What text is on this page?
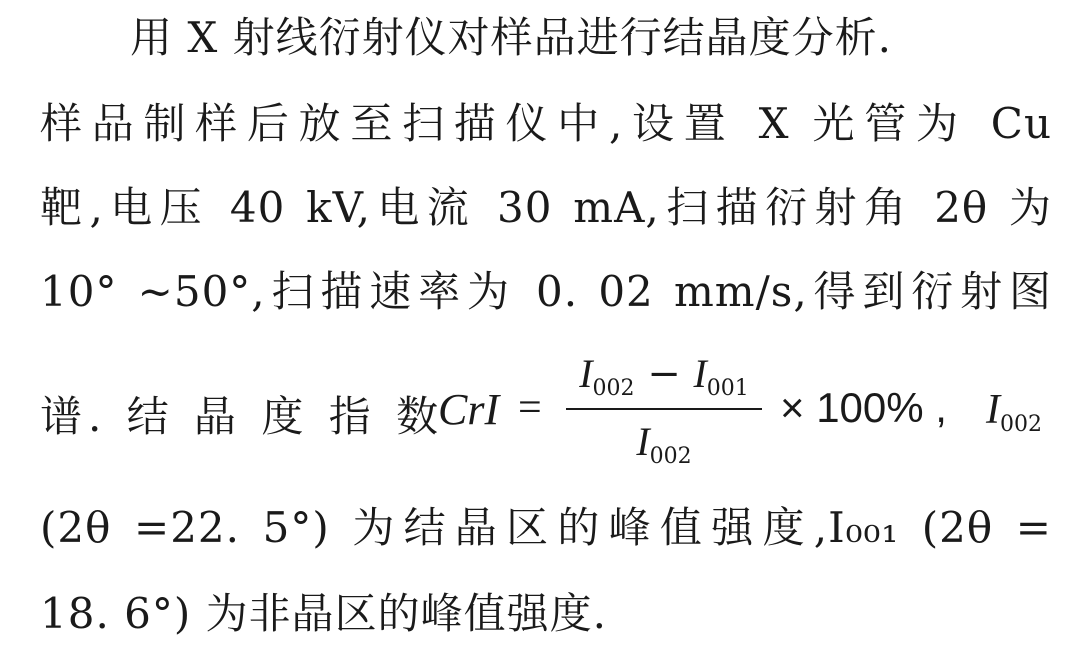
用 X 射线衍射仪对样品进行结晶度分析.
样品制样后放至扫描仪中,设置 X 光管为 Cu
靶,电压 40 kV,电流 30 mA,扫描衍射角 2θ 为
10° ~50°,扫描速率为 0. 02 mm/s,得到衍射图
谱. 结 晶 度 指 数
CrI =
$I_{002} - I_{001}$
$I_{002}$
× 100% , $I_{002}$
(2θ =22. 5°) 为结晶区的峰值强度,I₀₀₁ (2θ =
18. 6°) 为非晶区的峰值强度.
